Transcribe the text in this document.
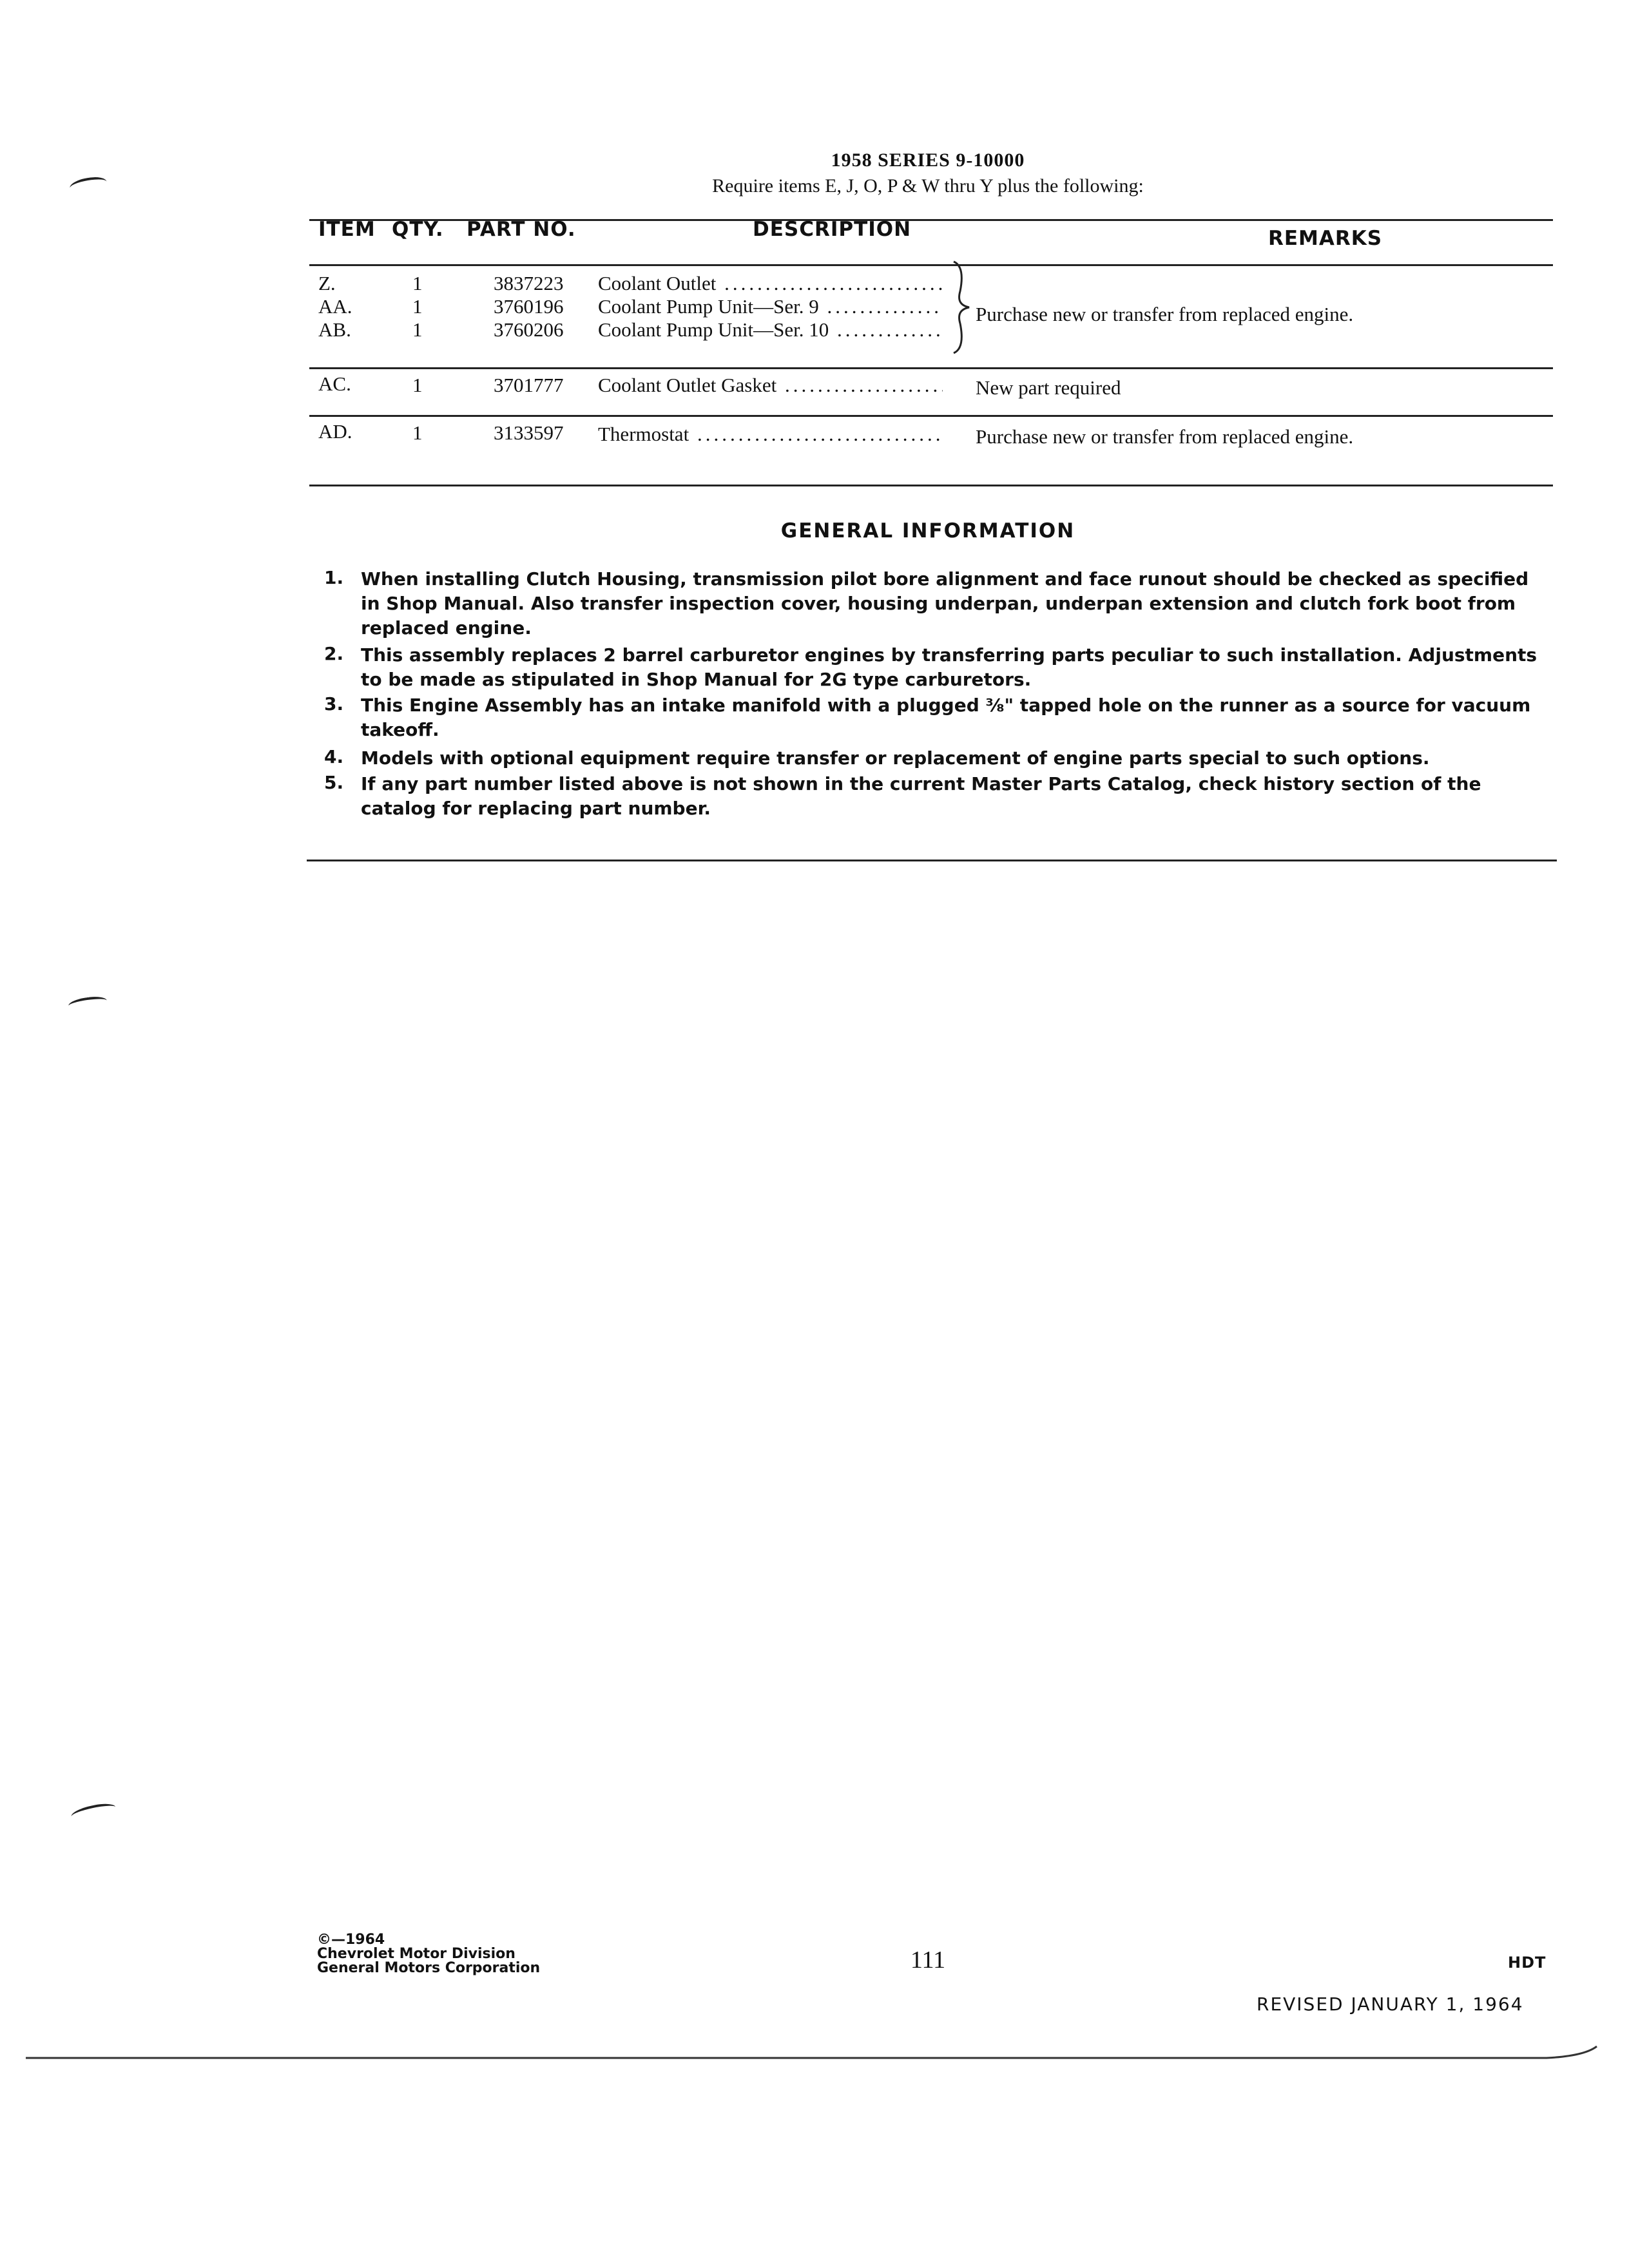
1958 SERIES 9-10000
Require items E, J, O, P & W thru Y plus the following:
ITEM QTY. PART NO.	DESCRIPTION	REMARKS
Z.	1	3837223 Coolant Outlet .....
AA.	1	3760196 Coolant Pump Unit—Ser. 9 .....
AB.	1	3760206 Coolant Pump Unit—Ser. 10 .....
Purchase new or transfer from replaced engine.
AC.	1	3701777 Coolant Outlet Gasket .....	New part required
AD.	1	3133597 Thermostat .....	Purchase new or transfer from replaced engine.
GENERAL INFORMATION
1. When installing Clutch Housing, transmission pilot bore alignment and face runout should be checked as specified in Shop Manual. Also transfer inspection cover, housing underpan, underpan extension and clutch fork boot from replaced engine.
2. This assembly replaces 2 barrel carburetor engines by transferring parts peculiar to such installation. Adjustments to be made as stipulated in Shop Manual for 2G type carburetors.
3. This Engine Assembly has an intake manifold with a plugged ⅜" tapped hole on the runner as a source for vacuum takeoff.
4. Models with optional equipment require transfer or replacement of engine parts special to such options.
5. If any part number listed above is not shown in the current Master Parts Catalog, check history section of the catalog for replacing part number.
©—1964
Chevrolet Motor Division
General Motors Corporation	111	HDT
REVISED JANUARY 1, 1964
